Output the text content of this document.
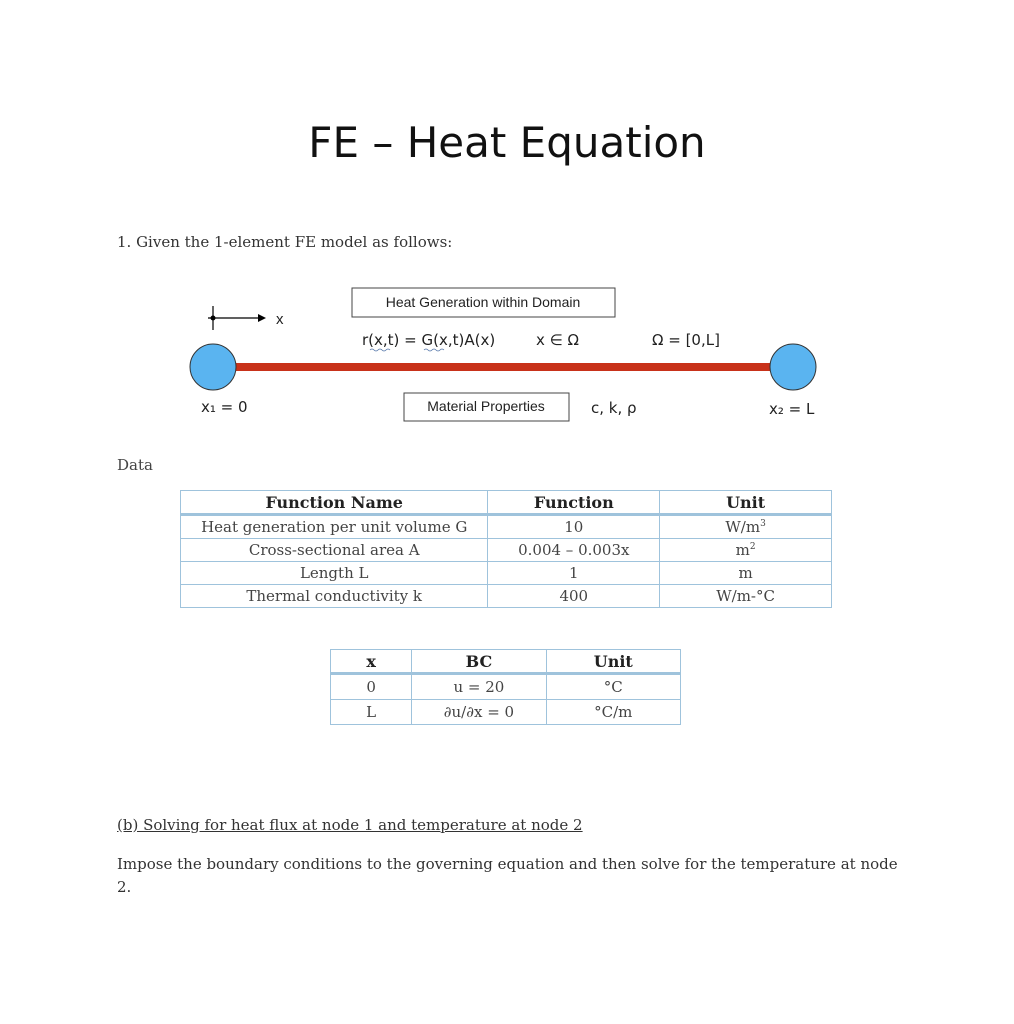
FE – Heat Equation
1. Given the 1-element FE model as follows:
x
Heat Generation within Domain
r(x,t) = G(x,t)A(x)	x ∈ Ω	Ω = [0,L]
x₁ = 0	x₂ = L
Material Properties	c, k, ρ
Data
Function Name	Function	Unit
Heat generation per unit volume G	10	$W/m^3$
Cross-sectional area A	0.004 – 0.003x	$m^2$
Length L	1	m
Thermal conductivity k	400	W/m-°C
x	BC	Unit
0	u = 20	°C
L	∂u/∂x = 0	°C/m
(b) Solving for heat flux at node 1 and temperature at node 2
Impose the boundary conditions to the governing equation and then solve for the temperature at node 2.
